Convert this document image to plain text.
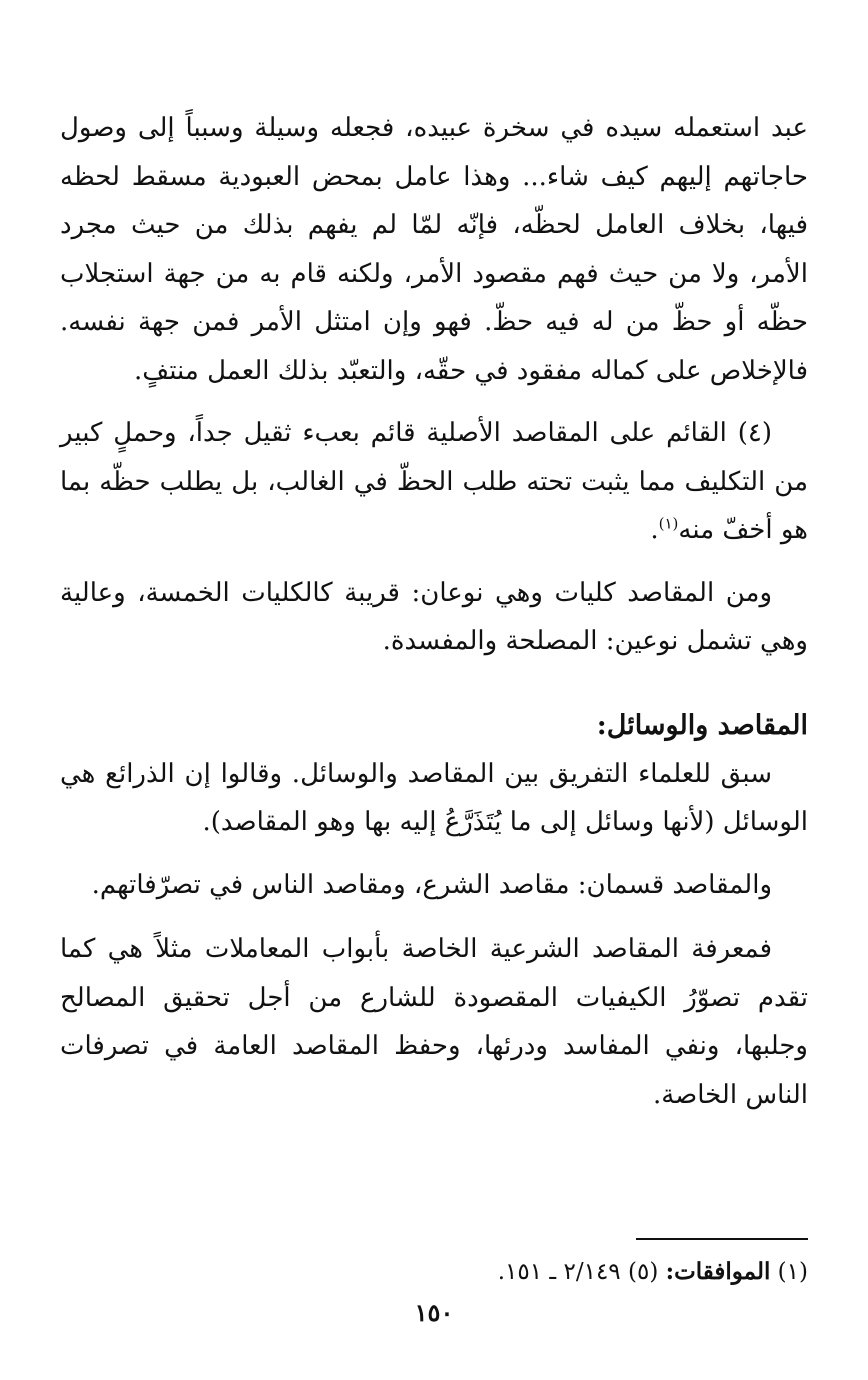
عبد استعمله سيده في سخرة عبيده، فجعله وسيلة وسبباً إلى وصول حاجاتهم إليهم كيف شاء... وهذا عامل بمحض العبودية مسقط لحظه فيها، بخلاف العامل لحظّه، فإنّه لمّا لم يفهم بذلك من حيث مجرد الأمر، ولا من حيث فهم مقصود الأمر، ولكنه قام به من جهة استجلاب حظّه أو حظّ من له فيه حظّ. فهو وإن امتثل الأمر فمن جهة نفسه. فالإخلاص على كماله مفقود في حقّه، والتعبّد بذلك العمل منتفٍ.

(٤) القائم على المقاصد الأصلية قائم بعبء ثقيل جداً، وحملٍ كبير من التكليف مما يثبت تحته طلب الحظّ في الغالب، بل يطلب حظّه بما هو أخفّ منه$^{(١)}$.

ومن المقاصد كليات وهي نوعان: قريبة كالكليات الخمسة، وعالية وهي تشمل نوعين: المصلحة والمفسدة.

المقاصد والوسائل:

سبق للعلماء التفريق بين المقاصد والوسائل. وقالوا إن الذرائع هي الوسائل (لأنها وسائل إلى ما يُتَذَرَّعُ إليه بها وهو المقاصد).

والمقاصد قسمان: مقاصد الشرع، ومقاصد الناس في تصرّفاتهم.

فمعرفة المقاصد الشرعية الخاصة بأبواب المعاملات مثلاً هي كما تقدم تصوّرُ الكيفيات المقصودة للشارع من أجل تحقيق المصالح وجلبها، ونفي المفاسد ودرئها، وحفظ المقاصد العامة في تصرفات الناس الخاصة.

(١) الموافقات: (٥) ٢/١٤٩ ـ ١٥١.
١٥٠
